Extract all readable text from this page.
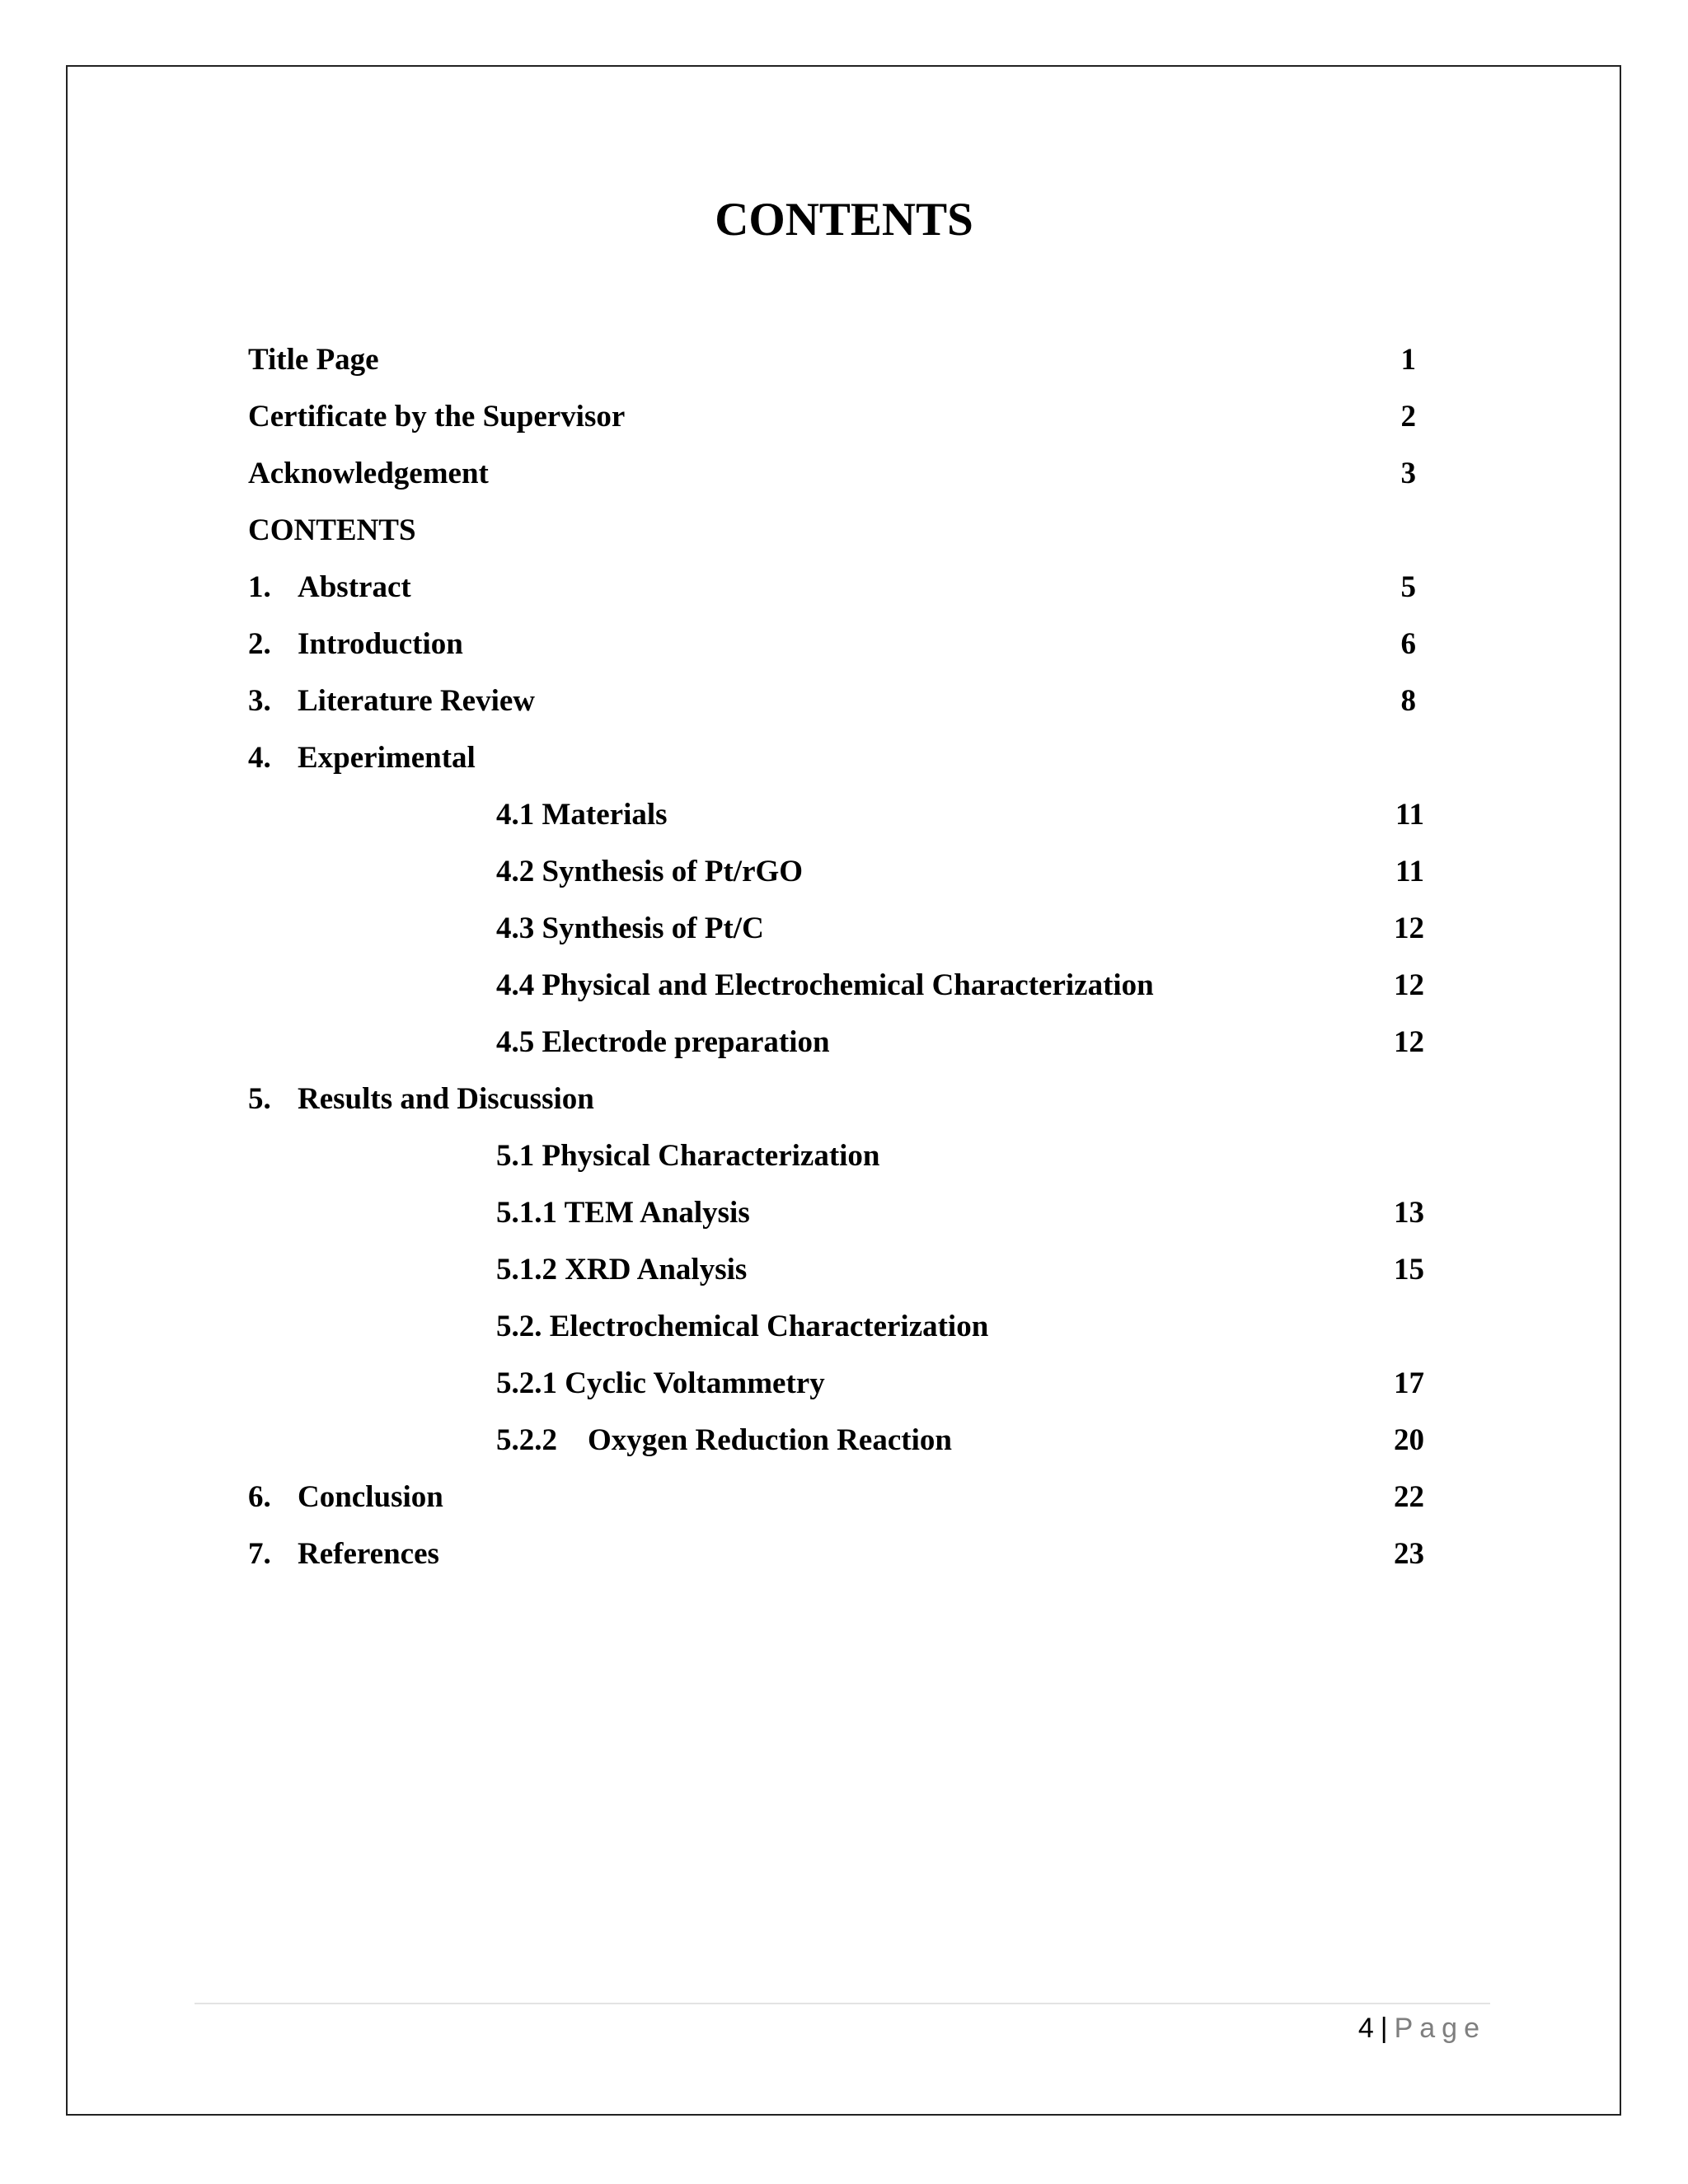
CONTENTS
Title Page	1
Certificate by the Supervisor	2
Acknowledgement	3
CONTENTS
1. Abstract	5
2. Introduction	6
3. Literature Review	8
4. Experimental
4.1 Materials	11
4.2 Synthesis of Pt/rGO	11
4.3 Synthesis of Pt/C	12
4.4 Physical and Electrochemical Characterization	12
4.5 Electrode preparation	12
5. Results and Discussion
5.1 Physical Characterization
5.1.1 TEM Analysis	13
5.1.2 XRD Analysis	15
5.2. Electrochemical Characterization
5.2.1 Cyclic Voltammetry	17
5.2.2    Oxygen Reduction Reaction	20
6. Conclusion	22
7. References	23
4 | Page
